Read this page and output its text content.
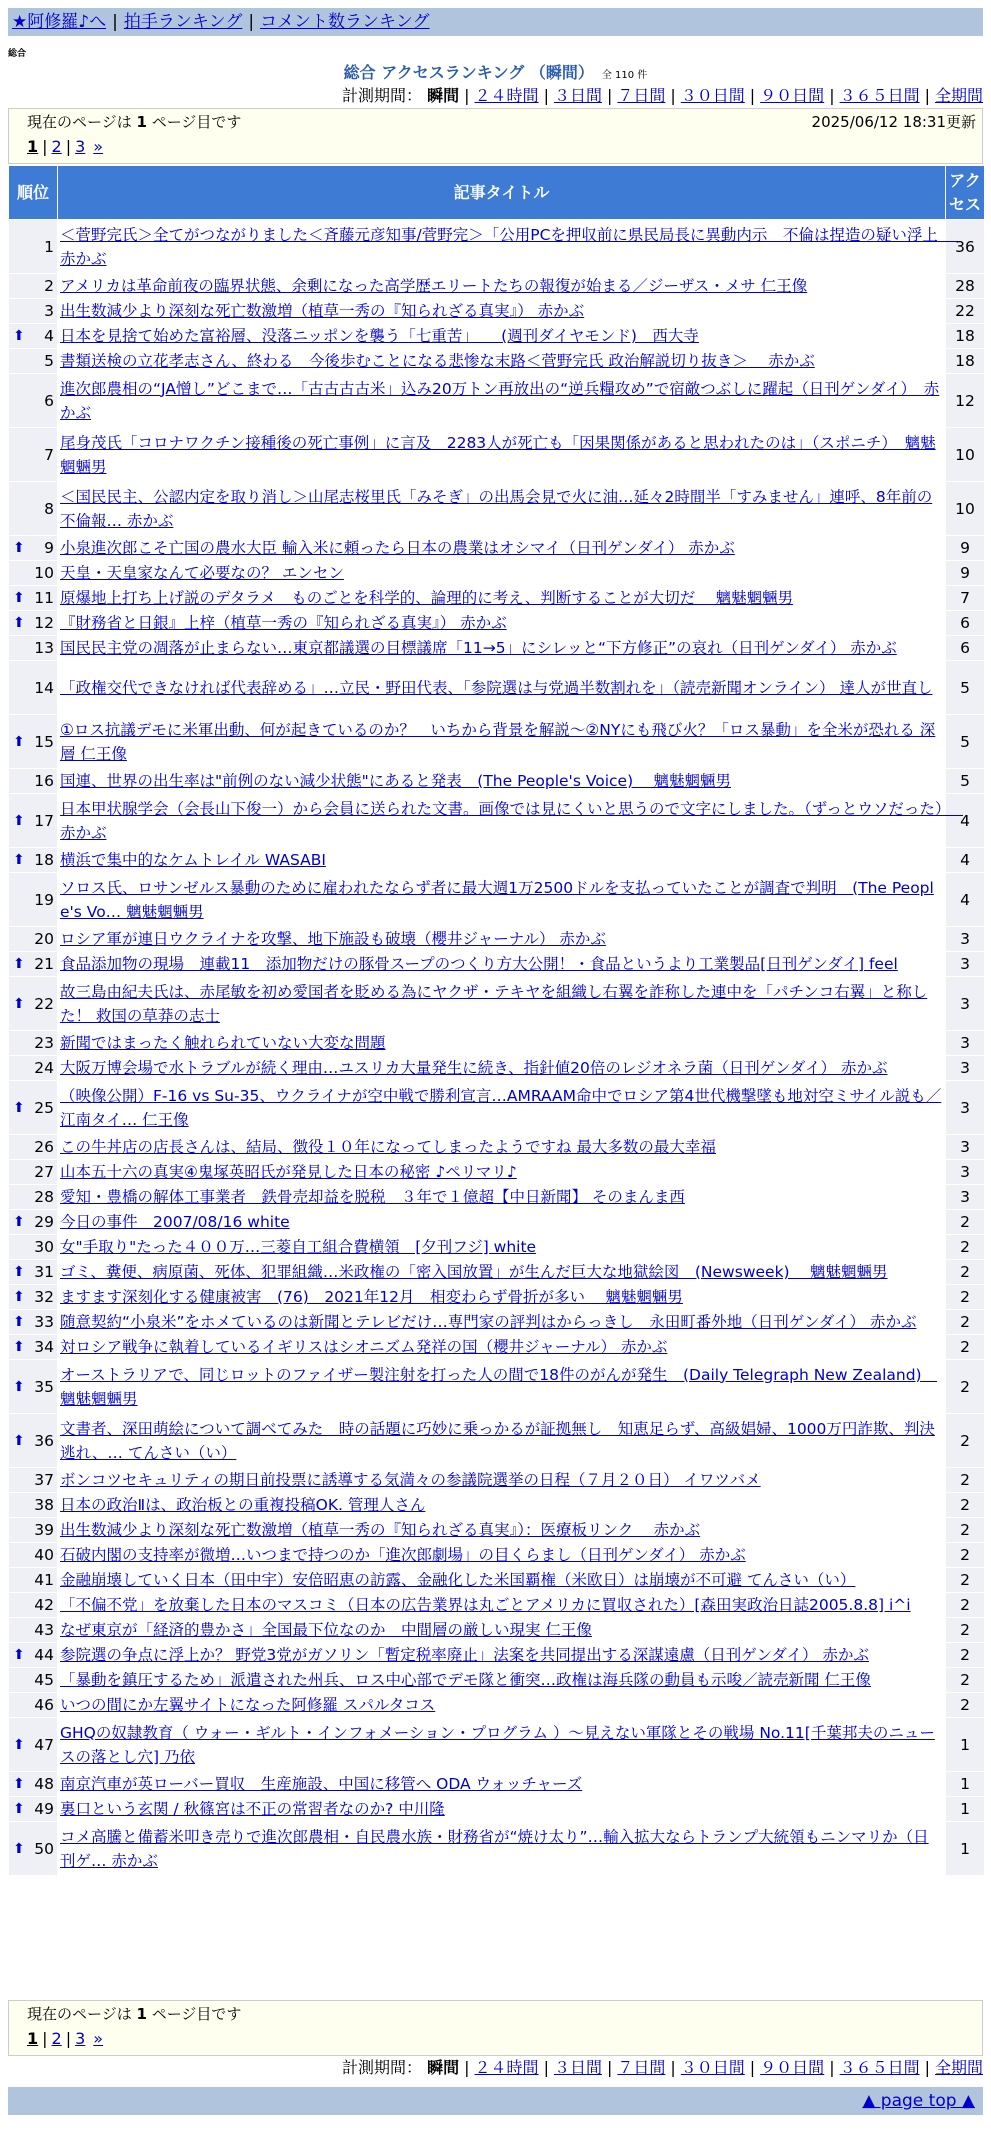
★阿修羅♪へ | 拍手ランキング | コメント数ランキング
総合
総合 アクセスランキング （瞬間） 全 110 件
計測期間： 瞬間 | ２４時間 | ３日間 | ７日間 | ３０日間 | ９０日間 | ３６５日間 | 全期間
現在のページは 1 ページ目です	2025/06/12 18:31更新
1 | 2 | 3 »
順位	記事タイトル	アクセス
1	＜菅野完氏＞全てがつながりました＜斉藤元彦知事/菅野完＞「公用PCを押収前に県民局長に異動内示　不倫は捏造の疑い浮上　 赤かぶ	36
2	アメリカは革命前夜の臨界状態、余剰になった高学歴エリートたちの報復が始まる／ジーザス・メサ 仁王像	28
3	出生数減少より深刻な死亡数激増（植草一秀の『知られざる真実』） 赤かぶ	22

⬆ 4	日本を見捨て始めた富裕層、没落ニッポンを襲う「七重苦」　　(週刊ダイヤモンド)　西大寺	18
5	書類送検の立花孝志さん、終わる　今後歩むことになる悲惨な末路＜菅野完氏 政治解説切り抜き＞　 赤かぶ	18
6	進次郎農相の“JA憎し”どこまで…「古古古古米」込み20万トン再放出の“逆兵糧攻め”で宿敵つぶしに躍起（日刊ゲンダイ）　赤かぶ	12
7	尾身茂氏「コロナワクチン接種後の死亡事例」に言及　2283人が死亡も「因果関係があると思われたのは」（スポニチ）　魑魅魍魎男	10
8	＜国民民主、公認内定を取り消し＞山尾志桜里氏「みそぎ」の出馬会見で火に油…延々2時間半「すみません」連呼、8年前の不倫報… 赤かぶ	10

⬆ 9	小泉進次郎こそ亡国の農水大臣 輸入米に頼ったら日本の農業はオシマイ（日刊ゲンダイ） 赤かぶ	9
10	天皇・天皇家なんて必要なの？ エンセン	9

⬆ 11	原爆地上打ち上げ説のデタラメ　ものごとを科学的、論理的に考え、判断することが大切だ　 魑魅魍魎男	7

⬆ 12	『財務省と日銀』上梓（植草一秀の『知られざる真実』） 赤かぶ	6
13	国民民主党の凋落が止まらない…東京都議選の目標議席「11→5」にシレッと“下方修正”の哀れ（日刊ゲンダイ） 赤かぶ	6
14	「政権交代できなければ代表辞める」…立民・野田代表、「参院選は与党過半数割れを」（読売新聞オンライン） 達人が世直し	5

⬆ 15	①ロス抗議デモに米軍出動、何が起きているのか？　いちから背景を解説〜②NYにも飛び火？「ロス暴動」を全米が恐れる 深層 仁王像	5
16	国連、世界の出生率は"前例のない減少状態"にあると発表　(The People's Voice)　 魑魅魍魎男	5

⬆ 17	日本甲状腺学会（会長山下俊一）から会員に送られた文書。画像では見にくいと思うので文字にしました。（ずっとウソだった）　 赤かぶ	4

⬆ 18	横浜で集中的なケムトレイル WASABI	4
19	ソロス氏、ロサンゼルス暴動のために雇われたならず者に最大週1万2500ドルを支払っていたことが調査で判明　(The People's Vo… 魑魅魍魎男	4
20	ロシア軍が連日ウクライナを攻撃、地下施設も破壊（櫻井ジャーナル） 赤かぶ	3

⬆ 21	食品添加物の現場　連載11　添加物だけの豚骨スープのつくり方大公開！・食品というより工業製品[日刊ゲンダイ] feel	3

⬆ 22	故三島由紀夫氏は、赤尾敏を初め愛国者を貶める為にヤクザ・テキヤを組織し右翼を詐称した連中を「パチンコ右翼」と称した！ 救国の草莽の志士	3
23	新聞ではまったく触れられていない大変な問題	3
24	大阪万博会場で水トラブルが続く理由…ユスリカ大量発生に続き、指針値20倍のレジオネラ菌（日刊ゲンダイ） 赤かぶ	3

⬆ 25	（映像公開）F-16 vs Su-35、ウクライナが空中戦で勝利宣言…AMRAAM命中でロシア第4世代機撃墜も地対空ミサイル説も／江南タイ… 仁王像	3
26	この牛丼店の店長さんは、結局、徴役１０年になってしまったようですね 最大多数の最大幸福	3
27	山本五十六の真実④鬼塚英昭氏が発見した日本の秘密 ♪ペリマリ♪	3
28	愛知・豊橋の解体工事業者　鉄骨売却益を脱税　３年で１億超【中日新聞】 そのまんま西	3

⬆ 29	今日の事件　2007/08/16 white	2
30	女"手取り"たった４００万…三菱自工組合費横領　[夕刊フジ] white	2

⬆ 31	ゴミ、糞便、病原菌、死体、犯罪組織…米政権の「密入国放置」が生んだ巨大な地獄絵図　(Newsweek)　 魑魅魍魎男	2

⬆ 32	ますます深刻化する健康被害　(76)　2021年12月　相変わらず骨折が多い　 魑魅魍魎男	2

⬆ 33	随意契約“小泉米”をホメているのは新聞とテレビだけ…専門家の評判はからっきし　永田町番外地（日刊ゲンダイ） 赤かぶ	2

⬆ 34	対ロシア戦争に執着しているイギリスはシオニズム発祥の国（櫻井ジャーナル） 赤かぶ	2

⬆ 35	オーストラリアで、同じロットのファイザー製注射を打った人の間で18件のがんが発生　(Daily Telegraph New Zealand)　魑魅魍魎男	2

⬆ 36	文書者、深田萌絵について調べてみた　時の話題に巧妙に乗っかるが証拠無し　知恵足らず、高級娼婦、1000万円詐欺、判決逃れ、… てんさい（い）	2
37	ボンコツセキュリティの期日前投票に誘導する気満々の参議院選挙の日程（７月２０日） イワツバメ	2
38	日本の政治Ⅱは、政治板との重複投稿OK. 管理人さん	2
39	出生数減少より深刻な死亡数激増（植草一秀の『知られざる真実』）：医療板リンク　 赤かぶ	2
40	石破内閣の支持率が微増…いつまで持つのか「進次郎劇場」の目くらまし（日刊ゲンダイ） 赤かぶ	2
41	金融崩壊していく日本（田中宇）安倍昭恵の訪露、金融化した米国覇権（米欧日）は崩壊が不可避 てんさい（い）	2
42	「不偏不党」を放棄した日本のマスコミ（日本の広告業界は丸ごとアメリカに買収された）[森田実政治日誌2005.8.8] i^i	2
43	なぜ東京が「経済的豊かさ」全国最下位なのか　中間層の厳しい現実 仁王像	2

⬆ 44	参院選の争点に浮上か？ 野党3党がガソリン「暫定税率廃止」法案を共同提出する深謀遠慮（日刊ゲンダイ） 赤かぶ	2
45	「暴動を鎮圧するため」派遣された州兵、ロス中心部でデモ隊と衝突…政権は海兵隊の動員も示唆／読売新聞 仁王像	2
46	いつの間にか左翼サイトになった阿修羅 スパルタコス	2

⬆ 47	GHQの奴隷教育（ ウォー・ギルト・インフォメーション・プログラム ）～見えない軍隊とその戦場 No.11[千葉邦夫のニュースの落とし穴] 乃依	1

⬆ 48	南京汽車が英ローバー買収　生産施設、中国に移管へ ODA ウォッチャーズ	1

⬆ 49	裏口という玄関 / 秋篠宮は不正の常習者なのか? 中川隆	1

⬆ 50	コメ高騰と備蓄米叩き売りで進次郎農相・自民農水族・財務省が“焼け太り”…輸入拡大ならトランプ大統領もニンマリか（日刊ゲ… 赤かぶ	1
現在のページは 1 ページ目です
1 | 2 | 3 »
計測期間： 瞬間 | ２４時間 | ３日間 | ７日間 | ３０日間 | ９０日間 | ３６５日間 | 全期間
▲ page top ▲
